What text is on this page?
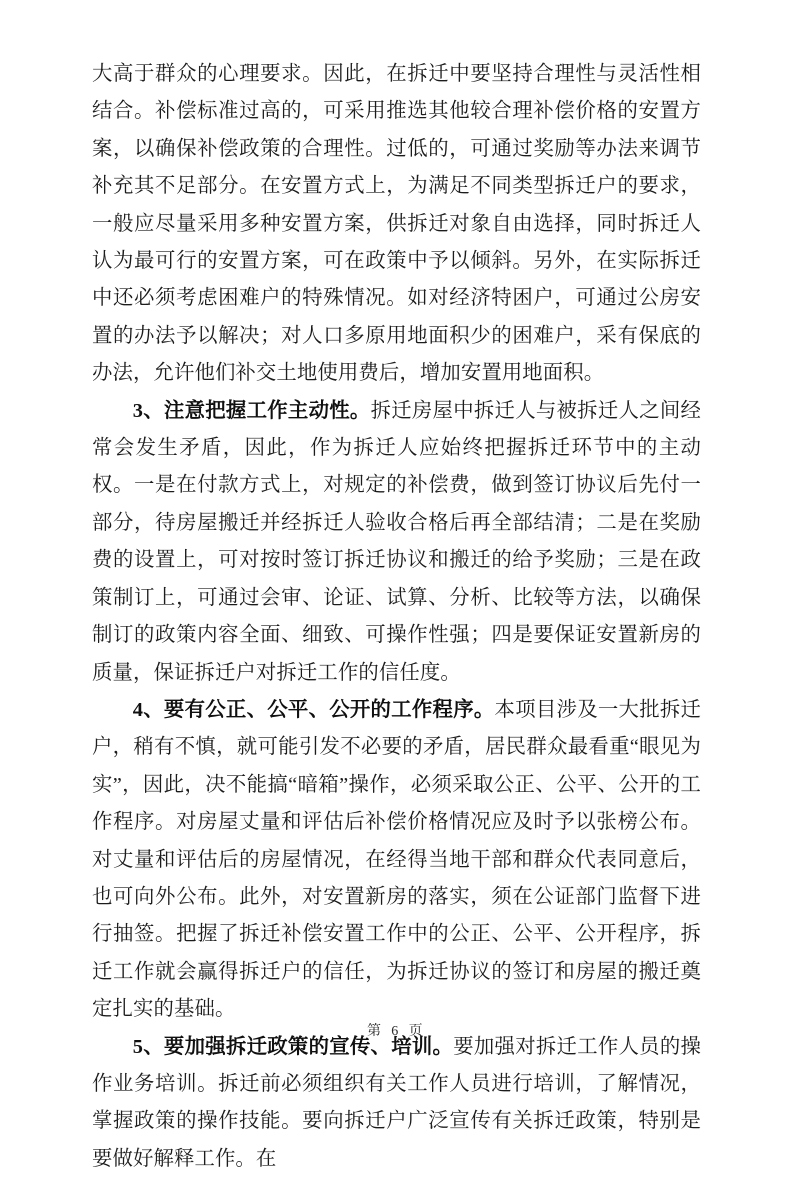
大高于群众的心理要求。因此，在拆迁中要坚持合理性与灵活性相结合。补偿标准过高的，可采用推选其他较合理补偿价格的安置方案，以确保补偿政策的合理性。过低的，可通过奖励等办法来调节补充其不足部分。在安置方式上，为满足不同类型拆迁户的要求，一般应尽量采用多种安置方案，供拆迁对象自由选择，同时拆迁人认为最可行的安置方案，可在政策中予以倾斜。另外，在实际拆迁中还必须考虑困难户的特殊情况。如对经济特困户，可通过公房安置的办法予以解决；对人口多原用地面积少的困难户，采有保底的办法，允许他们补交土地使用费后，增加安置用地面积。

3、注意把握工作主动性。拆迁房屋中拆迁人与被拆迁人之间经常会发生矛盾，因此，作为拆迁人应始终把握拆迁环节中的主动权。一是在付款方式上，对规定的补偿费，做到签订协议后先付一部分，待房屋搬迁并经拆迁人验收合格后再全部结清；二是在奖励费的设置上，可对按时签订拆迁协议和搬迁的给予奖励；三是在政策制订上，可通过会审、论证、试算、分析、比较等方法，以确保制订的政策内容全面、细致、可操作性强；四是要保证安置新房的质量，保证拆迁户对拆迁工作的信任度。

4、要有公正、公平、公开的工作程序。本项目涉及一大批拆迁户，稍有不慎，就可能引发不必要的矛盾，居民群众最看重“眼见为实”，因此，决不能搞“暗箱”操作，必须采取公正、公平、公开的工作程序。对房屋丈量和评估后补偿价格情况应及时予以张榜公布。对丈量和评估后的房屋情况，在经得当地干部和群众代表同意后，也可向外公布。此外，对安置新房的落实，须在公证部门监督下进行抽签。把握了拆迁补偿安置工作中的公正、公平、公开程序，拆迁工作就会赢得拆迁户的信任，为拆迁协议的签订和房屋的搬迁奠定扎实的基础。

5、要加强拆迁政策的宣传、培训。要加强对拆迁工作人员的操作业务培训。拆迁前必须组织有关工作人员进行培训，了解情况，掌握政策的操作技能。要向拆迁户广泛宣传有关拆迁政策，特别是要做好解释工作。在

第 6 页
